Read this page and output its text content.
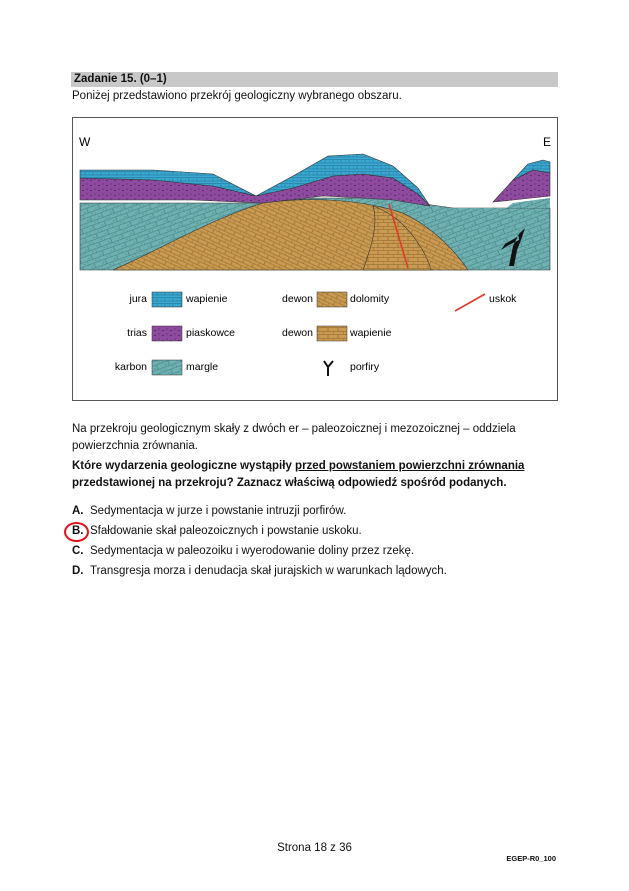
Zadanie 15. (0–1)
Poniżej przedstawiono przekrój geologiczny wybranego obszaru.
W	E
jura	wapienie
trias	piaskowce
karbon	margle
dewon	dolomity
dewon	wapienie
porfiry
uskok
Na przekroju geologicznym skały z dwóch er – paleozoicznej i mezozoicznej – oddziela powierzchnia zrównania.
Które wydarzenia geologiczne wystąpiły przed powstaniem powierzchni zrównania przedstawionej na przekroju? Zaznacz właściwą odpowiedź spośród podanych.
A. Sedymentacja w jurze i powstanie intruzji porfirów.
B. Sfałdowanie skał paleozoicznych i powstanie uskoku.
C. Sedymentacja w paleozoiku i wyerodowanie doliny przez rzekę.
D. Transgresja morza i denudacja skał jurajskich w warunkach lądowych.
Strona 18 z 36
EGEP-R0_100
